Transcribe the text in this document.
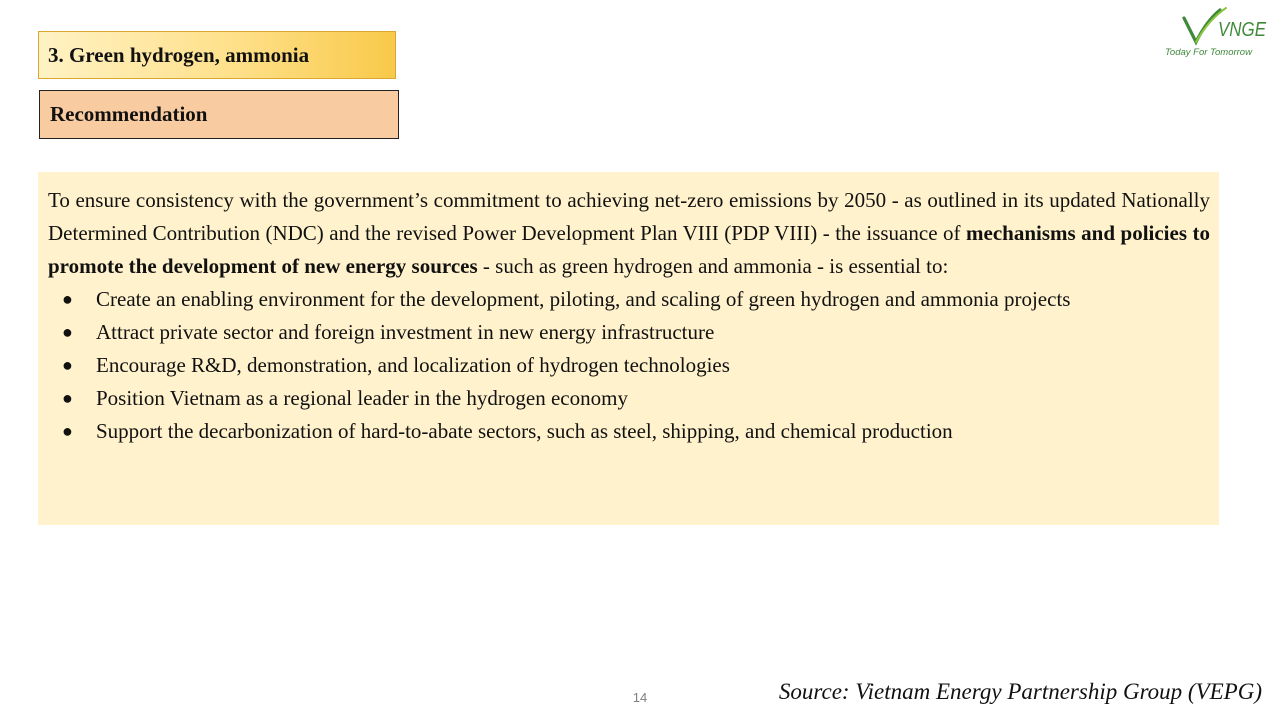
3. Green hydrogen, ammonia
Recommendation
VNGE
Today For Tomorrow

To ensure consistency with the government’s commitment to achieving net-zero emissions by 2050 - as outlined in its updated Nationally Determined Contribution (NDC) and the revised Power Development Plan VIII (PDP VIII) - the issuance of mechanisms and policies to promote the development of new energy sources - such as green hydrogen and ammonia - is essential to:

● Create an enabling environment for the development, piloting, and scaling of green hydrogen and ammonia projects
● Attract private sector and foreign investment in new energy infrastructure
● Encourage R&D, demonstration, and localization of hydrogen technologies
● Position Vietnam as a regional leader in the hydrogen economy
● Support the decarbonization of hard-to-abate sectors, such as steel, shipping, and chemical production
14	Source: Vietnam Energy Partnership Group (VEPG)
